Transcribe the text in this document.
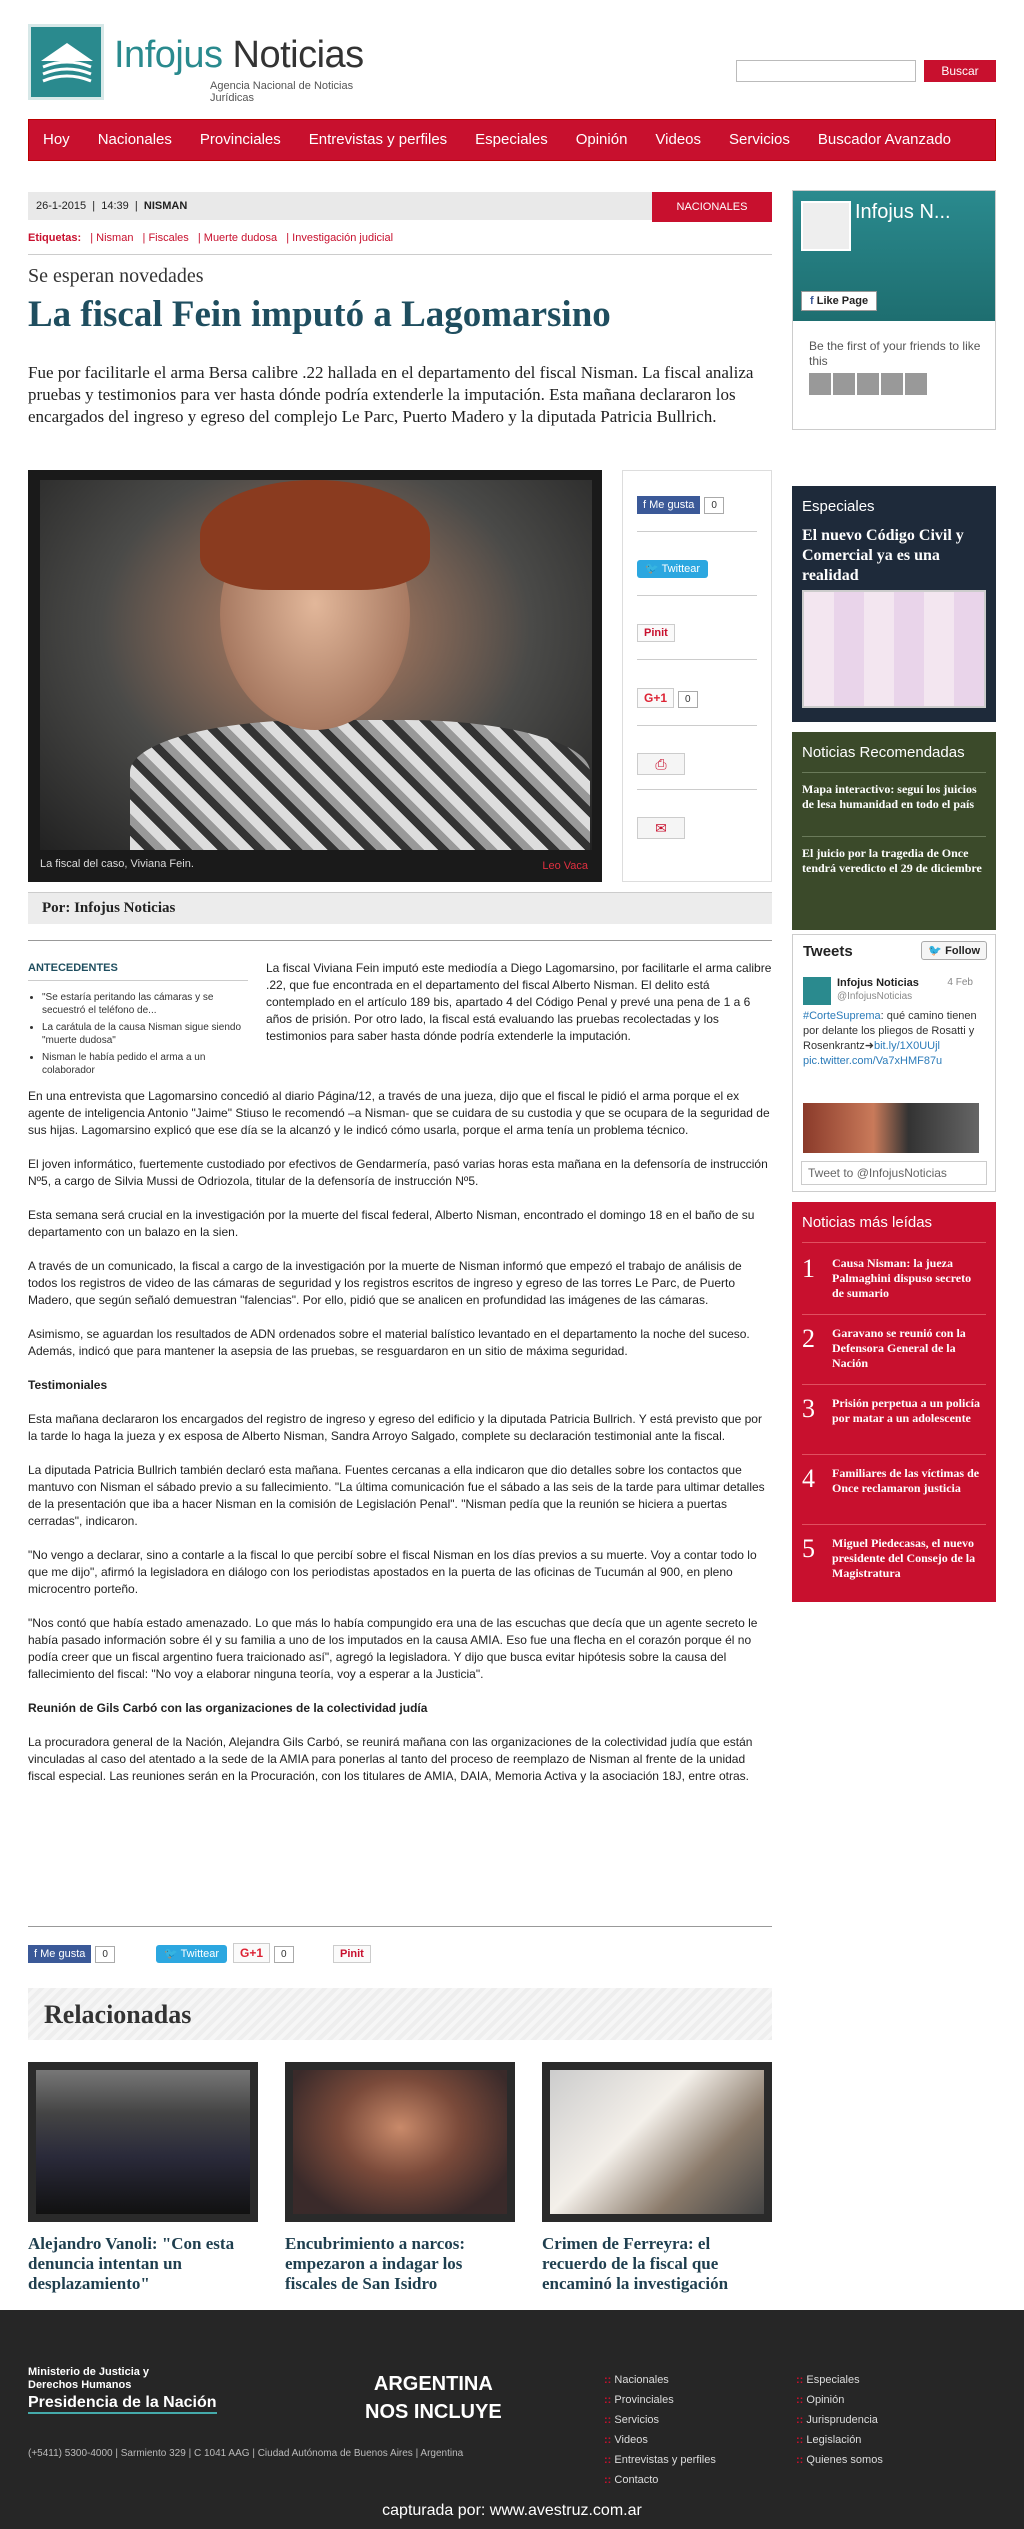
Infojus Noticias
Agencia Nacional de Noticias Jurídicas
Buscar
Hoy	Nacionales	Provinciales	Entrevistas y perfiles	Especiales	Opinión	Videos	Servicios	Buscador Avanzado
26-1-2015  |  14:39  |  NISMAN	NACIONALES
Etiquetas: | Nisman | Fiscales | Muerte dudosa | Investigación judicial
Se esperan novedades
La fiscal Fein imputó a Lagomarsino
Fue por facilitarle el arma Bersa calibre .22 hallada en el departamento del fiscal Nisman. La fiscal analiza pruebas y testimonios para ver hasta dónde podría extenderle la imputación. Esta mañana declararon los encargados del ingreso y egreso del complejo Le Parc, Puerto Madero y la diputada Patricia Bullrich.
La fiscal del caso, Viviana Fein.	Leo Vaca
f Me gusta 0
🐦 Twittear
Pinit
G+1 0
⎙
✉
Por: Infojus Noticias
ANTECEDENTES
• "Se estaría peritando las cámaras y se secuestró el teléfono de...
• La carátula de la causa Nisman sigue siendo "muerte dudosa"
• Nisman le había pedido el arma a un colaborador

La fiscal Viviana Fein imputó este mediodía a Diego Lagomarsino, por facilitarle el arma calibre .22, que fue encontrada en el departamento del fiscal Alberto Nisman. El delito está contemplado en el artículo 189 bis, apartado 4 del Código Penal y prevé una pena de 1 a 6 años de prisión. Por otro lado, la fiscal está evaluando las pruebas recolectadas y los testimonios para saber hasta dónde podría extenderle la imputación.

En una entrevista que Lagomarsino concedió al diario Página/12, a través de una jueza, dijo que el fiscal le pidió el arma porque el ex agente de inteligencia Antonio "Jaime" Stiuso le recomendó –a Nisman- que se cuidara de su custodia y que se ocupara de la seguridad de sus hijas. Lagomarsino explicó que ese día se la alcanzó y le indicó cómo usarla, porque el arma tenía un problema técnico.

El joven informático, fuertemente custodiado por efectivos de Gendarmería, pasó varias horas esta mañana en la defensoría de instrucción Nº5, a cargo de Silvia Mussi de Odriozola, titular de la defensoría de instrucción Nº5.

Esta semana será crucial en la investigación por la muerte del fiscal federal, Alberto Nisman, encontrado el domingo 18 en el baño de su departamento con un balazo en la sien.

A través de un comunicado, la fiscal a cargo de la investigación por la muerte de Nisman informó que empezó el trabajo de análisis de todos los registros de video de las cámaras de seguridad y los registros escritos de ingreso y egreso de las torres Le Parc, de Puerto Madero, que según señaló demuestran "falencias". Por ello, pidió que se analicen en profundidad las imágenes de las cámaras.

Asimismo, se aguardan los resultados de ADN ordenados sobre el material balístico levantado en el departamento la noche del suceso. Además, indicó que para mantener la asepsia de las pruebas, se resguardaron en un sitio de máxima seguridad.

Testimoniales

Esta mañana declararon los encargados del registro de ingreso y egreso del edificio y la diputada Patricia Bullrich. Y está previsto que por la tarde lo haga la jueza y ex esposa de Alberto Nisman, Sandra Arroyo Salgado, complete su declaración testimonial ante la fiscal.

La diputada Patricia Bullrich también declaró esta mañana. Fuentes cercanas a ella indicaron que dio detalles sobre los contactos que mantuvo con Nisman el sábado previo a su fallecimiento. "La última comunicación fue el sábado a las seis de la tarde para ultimar detalles de la presentación que iba a hacer Nisman en la comisión de Legislación Penal". "Nisman pedía que la reunión se hiciera a puertas cerradas", indicaron.

"No vengo a declarar, sino a contarle a la fiscal lo que percibí sobre el fiscal Nisman en los días previos a su muerte. Voy a contar todo lo que me dijo", afirmó la legisladora en diálogo con los periodistas apostados en la puerta de las oficinas de Tucumán al 900, en pleno microcentro porteño.

"Nos contó que había estado amenazado. Lo que más lo había compungido era una de las escuchas que decía que un agente secreto le había pasado información sobre él y su familia a uno de los imputados en la causa AMIA. Eso fue una flecha en el corazón porque él no podía creer que un fiscal argentino fuera traicionado así", agregó la legisladora. Y dijo que busca evitar hipótesis sobre la causa del fallecimiento del fiscal: "No voy a elaborar ninguna teoría, voy a esperar a la Justicia".

Reunión de Gils Carbó con las organizaciones de la colectividad judía

La procuradora general de la Nación, Alejandra Gils Carbó, se reunirá mañana con las organizaciones de la colectividad judía que están vinculadas al caso del atentado a la sede de la AMIA para ponerlas al tanto del proceso de reemplazo de Nisman al frente de la unidad fiscal especial. Las reuniones serán en la Procuración, con los titulares de AMIA, DAIA, Memoria Activa y la asociación 18J, entre otras.

f Me gusta 0	🐦 Twittear	G+1 0	Pinit
Relacionadas
Alejandro Vanoli: "Con esta denuncia intentan un desplazamiento"
Encubrimiento a narcos: empezaron a indagar los fiscales de San Isidro
Crimen de Ferreyra: el recuerdo de la fiscal que encaminó la investigación
Infojus N...
f Like Page
Be the first of your friends to like this
Especiales
El nuevo Código Civil y Comercial ya es una realidad
Noticias Recomendadas
Mapa interactivo: seguí los juicios de lesa humanidad en todo el país
El juicio por la tragedia de Once tendrá veredicto el 29 de diciembre
Tweets	🐦 Follow
Infojus Noticias
@InfojusNoticias
4 Feb
#CorteSuprema: qué camino tienen por delante los pliegos de Rosatti y Rosenkrantz➜bit.ly/1X0UUjl
pic.twitter.com/Va7xHMF87u
Tweet to @InfojusNoticias
Noticias más leídas
1	Causa Nisman: la jueza Palmaghini dispuso secreto de sumario
2	Garavano se reunió con la Defensora General de la Nación
3	Prisión perpetua a un policía por matar a un adolescente
4	Familiares de las víctimas de Once reclamaron justicia
5	Miguel Piedecasas, el nuevo presidente del Consejo de la Magistratura
Ministerio de Justicia y Derechos Humanos
Presidencia de la Nación
(+5411) 5300-4000 | Sarmiento 329 | C 1041 AAG | Ciudad Autónoma de Buenos Aires | Argentina
ARGENTINA
NOS INCLUYE
:: Nacionales
:: Provinciales
:: Servicios
:: Videos
:: Entrevistas y perfiles
:: Contacto
:: Especiales
:: Opinión
:: Jurisprudencia
:: Legislación
:: Quienes somos
capturada por: www.avestruz.com.ar
